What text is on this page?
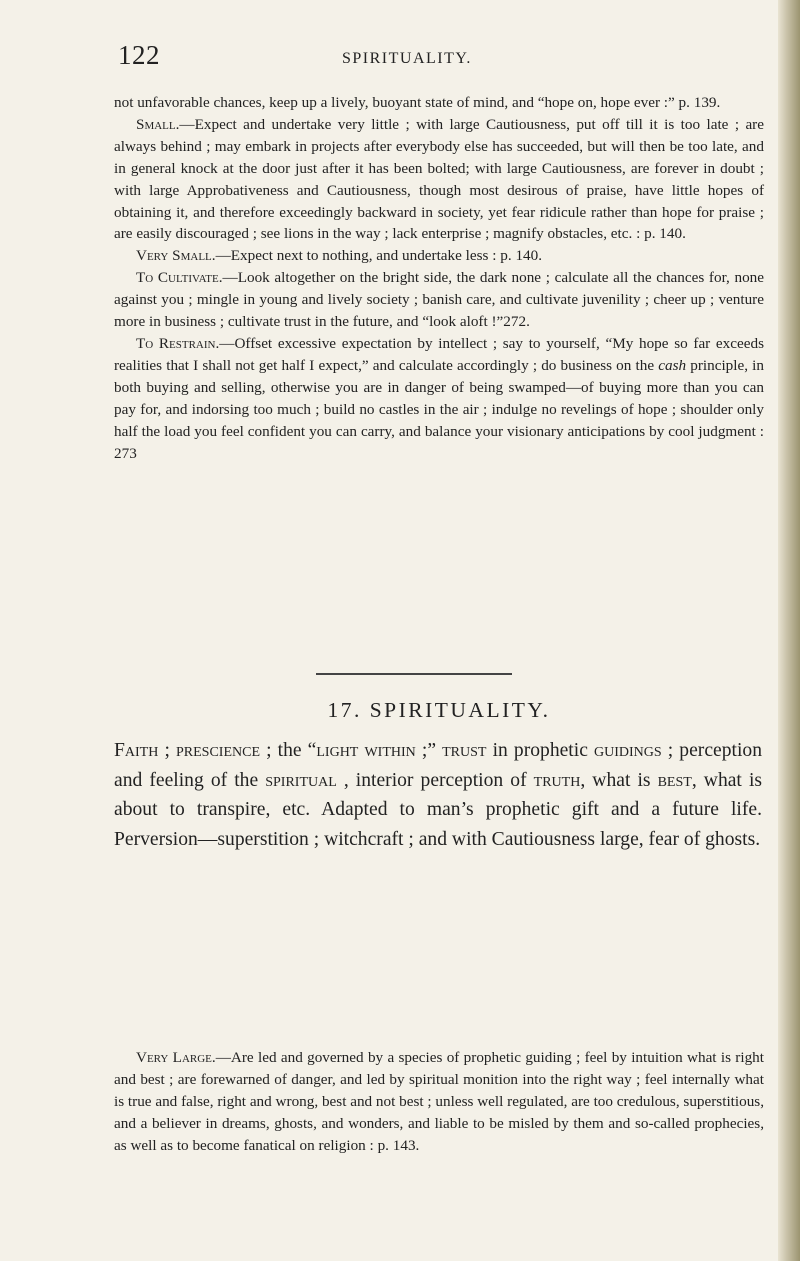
122	SPIRITUALITY.

not unfavorable chances, keep up a lively, buoyant state of mind, and “hope on, hope ever :” p. 139.

Small.—Expect and undertake very little ; with large Cautiousness, put off till it is too late ; are always behind ; may embark in projects after everybody else has succeeded, but will then be too late, and in general knock at the door just after it has been bolted; with large Cautiousness, are forever in doubt ; with large Approbativeness and Cautiousness, though most desirous of praise, have little hopes of obtaining it, and therefore exceedingly backward in society, yet fear ridicule rather than hope for praise ; are easily discouraged ; see lions in the way ; lack enterprise ; magnify obstacles, etc. : p. 140.

Very Small.—Expect next to nothing, and undertake less : p. 140.

To Cultivate.—Look altogether on the bright side, the dark none ; calculate all the chances for, none against you ; mingle in young and lively society ; banish care, and cultivate juvenility ; cheer up ; venture more in business ; cultivate trust in the future, and “look aloft !”272.

To Restrain.—Offset excessive expectation by intellect ; say to yourself, “My hope so far exceeds realities that I shall not get half I expect,” and calculate accordingly ; do business on the cash principle, in both buying and selling, otherwise you are in danger of being swamped—of buying more than you can pay for, and indorsing too much ; build no castles in the air ; indulge no revelings of hope ; shoulder only half the load you feel confident you can carry, and balance your visionary anticipations by cool judgment : 273

17. SPIRITUALITY.

Faith ; prescience ; the “light within ;” trust in prophetic guidings ; perception and feeling of the spiritual , interior perception of truth, what is best, what is about to transpire, etc. Adapted to man’s prophetic gift and a future life. Perversion—superstition ; witchcraft ; and with Cautiousness large, fear of ghosts.

Very Large.—Are led and governed by a species of prophetic guiding ; feel by intuition what is right and best ; are forewarned of danger, and led by spiritual monition into the right way ; feel internally what is true and false, right and wrong, best and not best ; unless well regulated, are too credulous, superstitious, and a believer in dreams, ghosts, and wonders, and liable to be misled by them and so-called prophecies, as well as to become fanatical on religion : p. 143.
